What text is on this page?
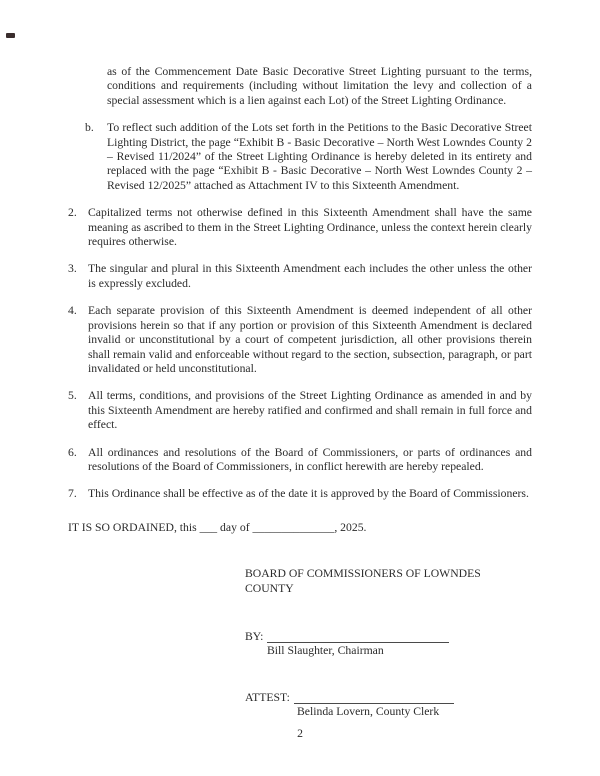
as of the Commencement Date Basic Decorative Street Lighting pursuant to the terms, conditions and requirements (including without limitation the levy and collection of a special assessment which is a lien against each Lot) of the Street Lighting Ordinance.
b. To reflect such addition of the Lots set forth in the Petitions to the Basic Decorative Street Lighting District, the page “Exhibit B - Basic Decorative – North West Lowndes County 2 – Revised 11/2024” of the Street Lighting Ordinance is hereby deleted in its entirety and replaced with the page “Exhibit B - Basic Decorative – North West Lowndes County 2 – Revised 12/2025” attached as Attachment IV to this Sixteenth Amendment.
2. Capitalized terms not otherwise defined in this Sixteenth Amendment shall have the same meaning as ascribed to them in the Street Lighting Ordinance, unless the context herein clearly requires otherwise.
3. The singular and plural in this Sixteenth Amendment each includes the other unless the other is expressly excluded.
4. Each separate provision of this Sixteenth Amendment is deemed independent of all other provisions herein so that if any portion or provision of this Sixteenth Amendment is declared invalid or unconstitutional by a court of competent jurisdiction, all other provisions therein shall remain valid and enforceable without regard to the section, subsection, paragraph, or part invalidated or held unconstitutional.
5. All terms, conditions, and provisions of the Street Lighting Ordinance as amended in and by this Sixteenth Amendment are hereby ratified and confirmed and shall remain in full force and effect.
6. All ordinances and resolutions of the Board of Commissioners, or parts of ordinances and resolutions of the Board of Commissioners, in conflict herewith are hereby repealed.
7. This Ordinance shall be effective as of the date it is approved by the Board of Commissioners.
IT IS SO ORDAINED, this ___ day of ______________, 2025.
BOARD OF COMMISSIONERS OF LOWNDES COUNTY
BY:
Bill Slaughter, Chairman
ATTEST:
Belinda Lovern, County Clerk
2
